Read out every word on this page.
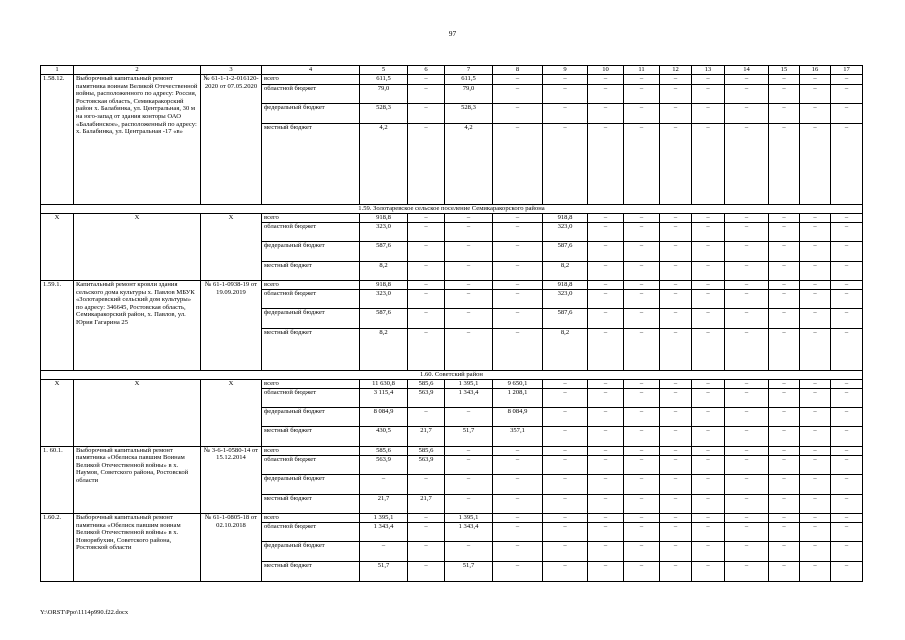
97
1	2	3	4	5	6	7	8	9	10	11	12	13	14	15	16	17
1.58.12.	Выборочный капитальный ремонт памятника воинам Великой Отечественной войны, расположенного по адресу: Россия, Ростовская область, Семикаракорский район х. Балабинка, ул. Центральная, 30 м на юго-запад от здания конторы ОАО «Балабинское», расположенный по адресу: х. Балабинка, ул. Центральная -17 «в»	№ 61-1-1-2-016120-2020 от 07.05.2020	всего	611,5	–	611,5	–	–	–	–	–	–	–	–	–	–
			областной бюджет	79,0	–	79,0	–	–	–	–	–	–	–	–	–	–
			федеральный бюджет	528,3	–	528,3	–	–	–	–	–	–	–	–	–	–
			местный бюджет	4,2	–	4,2	–	–	–	–	–	–	–	–	–	–
1.59. Золотаревское сельское поселение Семикаракорского района																
Х	Х	Х	всего	918,8	–	–	–	918,8	–	–	–	–	–	–	–	–
			областной бюджет	323,0	–	–	–	323,0	–	–	–	–	–	–	–	–
			федеральный бюджет	587,6	–	–	–	587,6	–	–	–	–	–	–	–	–
			местный бюджет	8,2	–	–	–	8,2	–	–	–	–	–	–	–	–
1.59.1.	Капитальный ремонт кровли здания сельского дома культуры х. Павлов МБУК «Золотаревский сельский дом культуры» по адресу: 346645, Ростовская область, Семикаракорский район, х. Павлов, ул. Юрия Гагарина 25	№ 61-1-0938-19 от 19.09.2019	всего	918,8	–	–	–	918,8	–	–	–	–	–	–	–	–
			областной бюджет	323,0	–	–	–	323,0	–	–	–	–	–	–	–	–
			федеральный бюджет	587,6	–	–	–	587,6	–	–	–	–	–	–	–	–
			местный бюджет	8,2	–	–	–	8,2	–	–	–	–	–	–	–	–
1.60. Советский район																
Х	Х	Х	всего	11 630,8	585,6	1 395,1	9 650,1	–	–	–	–	–	–	–	–	–
			областной бюджет	3 115,4	563,9	1 343,4	1 208,1	–	–	–	–	–	–	–	–	–
			федеральный бюджет	8 084,9	–	–	8 084,9	–	–	–	–	–	–	–	–	–
			местный бюджет	430,5	21,7	51,7	357,1	–	–	–	–	–	–	–	–	–
1. 60.1.	Выборочный капитальный ремонт памятника «Обелиска павшим Воинам Великой Отечественной войны» в х. Наумов, Советского района, Ростовской области	№ 3-6-1-0580-14 от 15.12.2014	всего	585,6	585,6	–	–	–	–	–	–	–	–	–	–	–
			областной бюджет	563,9	563,9	–	–	–	–	–	–	–	–	–	–	–
			федеральный бюджет	–	–	–	–	–	–	–	–	–	–	–	–	–
			местный бюджет	21,7	21,7	–	–	–	–	–	–	–	–	–	–	–
1.60.2.	Выборочный капитальный ремонт памятника «Обелиск павшим воинам Великой Отечественной войны» в х. Новорябухин, Советского района, Ростовской области	№ 61-1-0805-18 от 02.10.2018	всего	1 395,1	–	1 395,1	–	–	–	–	–	–	–	–	–	–
			областной бюджет	1 343,4	–	1 343,4	–	–	–	–	–	–	–	–	–	–
			федеральный бюджет	–	–	–	–	–	–	–	–	–	–	–	–	–
			местный бюджет	51,7	–	51,7	–	–	–	–	–	–	–	–	–	–
Y:\ORST\Ppo\1114p990.f22.docx
